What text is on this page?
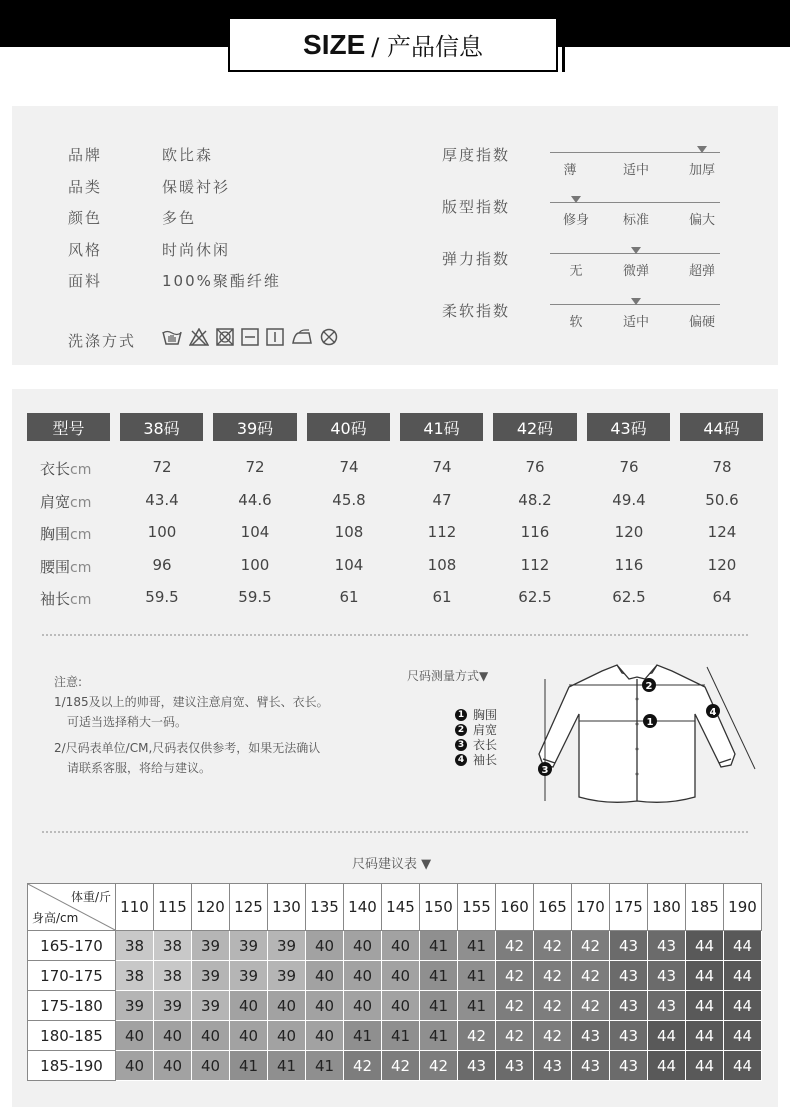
SIZE / 产品信息
品牌	欧比森
品类	保暖衬衫
颜色	多色
风格	时尚休闲
面料	100%聚酯纤维
洗涤方式
厚度指数
薄	适中	加厚
版型指数
修身	标准	偏大
弹力指数
无	微弹	超弹
柔软指数
软	适中	偏硬
型号	38码	39码	40码	41码	42码	43码	44码
衣长cm	72	72	74	74	76	76	78
肩宽cm	43.4	44.6	45.8	47	48.2	49.4	50.6
胸围cm	100	104	108	112	116	120	124
腰围cm	96	100	104	108	112	116	120
袖长cm	59.5	59.5	61	61	62.5	62.5	64
注意:
1/185及以上的帅哥，建议注意肩宽、臂长、衣长。
可适当选择稍大一码。
2/尺码表单位/CM,尺码表仅供参考，如果无法确认
请联系客服，将给与建议。
尺码测量方式▼
1 胸围
2 肩宽
3 衣长
4 袖长
1
2
3
4
尺码建议表 ▼
体重/斤
身高/cm	110	115	120	125	130	135	140	145	150	155	160	165	170	175	180	185	190
165-170	38	38	39	39	39	40	40	40	41	41	42	42	42	43	43	44	44
170-175	38	38	39	39	39	40	40	40	41	41	42	42	42	43	43	44	44
175-180	39	39	39	40	40	40	40	40	41	41	42	42	42	43	43	44	44
180-185	40	40	40	40	40	40	41	41	41	42	42	42	43	43	44	44	44
185-190	40	40	40	41	41	41	42	42	42	43	43	43	43	43	44	44	44
